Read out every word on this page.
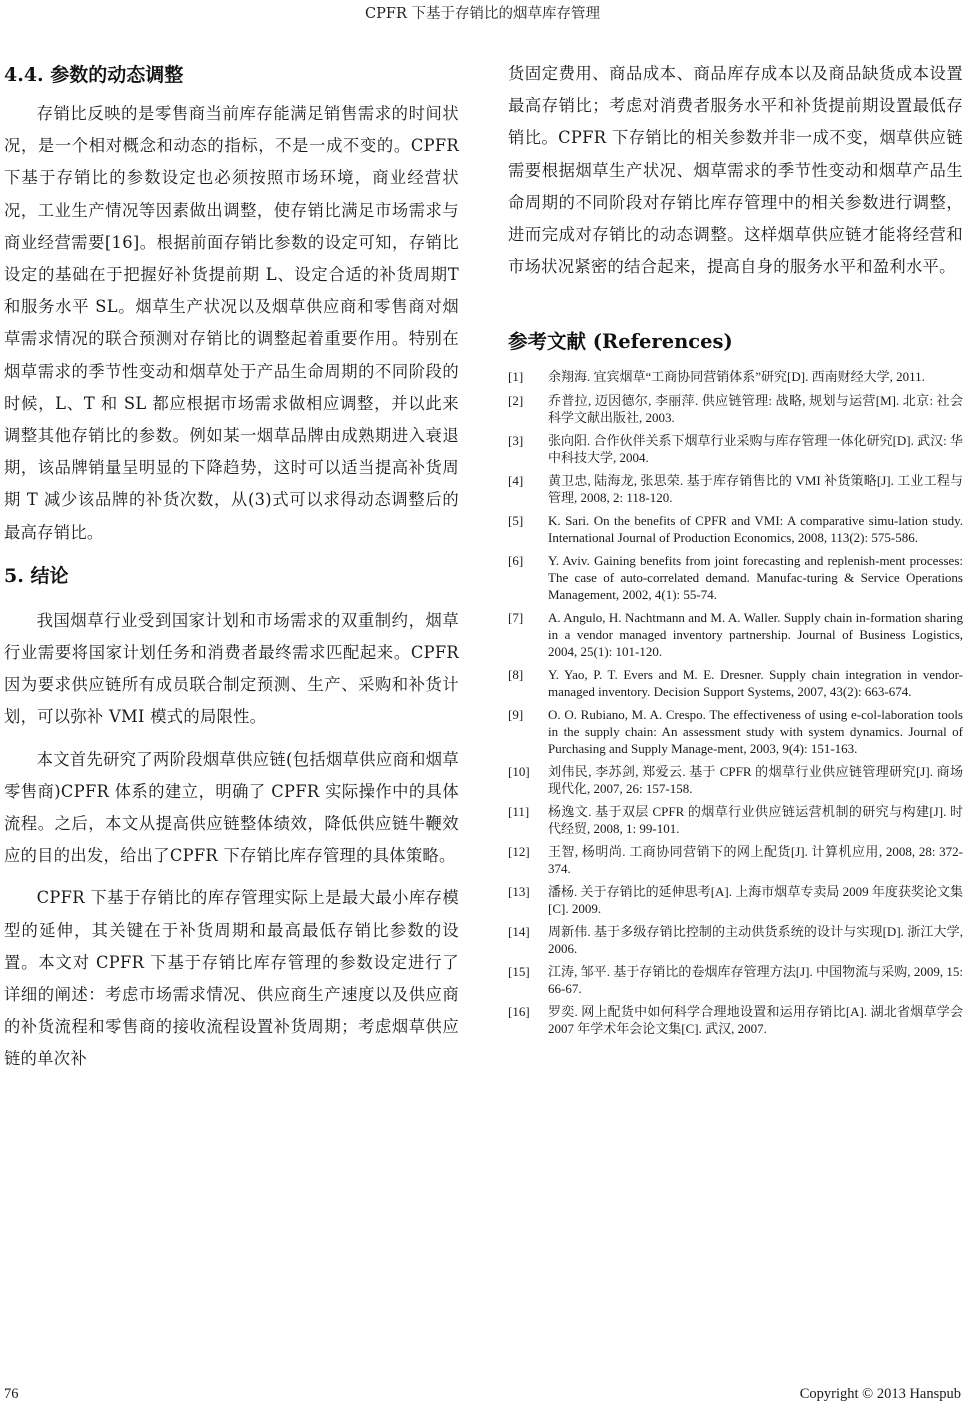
CPFR 下基于存销比的烟草库存管理
4.4. 参数的动态调整

存销比反映的是零售商当前库存能满足销售需求的时间状况，是一个相对概念和动态的指标，不是一成不变的。CPFR 下基于存销比的参数设定也必须按照市场环境，商业经营状况，工业生产情况等因素做出调整，使存销比满足市场需求与商业经营需要[16]。根据前面存销比参数的设定可知，存销比设定的基础在于把握好补货提前期 L、设定合适的补货周期T 和服务水平 SL。烟草生产状况以及烟草供应商和零售商对烟草需求情况的联合预测对存销比的调整起着重要作用。特别在烟草需求的季节性变动和烟草处于产品生命周期的不同阶段的时候，L、T 和 SL 都应根据市场需求做相应调整，并以此来调整其他存销比的参数。例如某一烟草品牌由成熟期进入衰退期，该品牌销量呈明显的下降趋势，这时可以适当提高补货周期 T 减少该品牌的补货次数，从(3)式可以求得动态调整后的最高存销比。

5. 结论

我国烟草行业受到国家计划和市场需求的双重制约，烟草行业需要将国家计划任务和消费者最终需求匹配起来。CPFR 因为要求供应链所有成员联合制定预测、生产、采购和补货计划，可以弥补 VMI 模式的局限性。

本文首先研究了两阶段烟草供应链(包括烟草供应商和烟草零售商)CPFR 体系的建立，明确了 CPFR 实际操作中的具体流程。之后，本文从提高供应链整体绩效，降低供应链牛鞭效应的目的出发，给出了CPFR 下存销比库存管理的具体策略。

CPFR 下基于存销比的库存管理实际上是最大最小库存模型的延伸，其关键在于补货周期和最高最低存销比参数的设置。本文对 CPFR 下基于存销比库存管理的参数设定进行了详细的阐述：考虑市场需求情况、供应商生产速度以及供应商的补货流程和零售商的接收流程设置补货周期；考虑烟草供应链的单次补

货固定费用、商品成本、商品库存成本以及商品缺货成本设置最高存销比；考虑对消费者服务水平和补货提前期设置最低存销比。CPFR 下存销比的相关参数并非一成不变，烟草供应链需要根据烟草生产状况、烟草需求的季节性变动和烟草产品生命周期的不同阶段对存销比库存管理中的相关参数进行调整，进而完成对存销比的动态调整。这样烟草供应链才能将经营和市场状况紧密的结合起来，提高自身的服务水平和盈利水平。

参考文献 (References)
[1] 余翔海. 宜宾烟草“工商协同营销体系”研究[D]. 西南财经大学, 2011.
[2] 乔普拉, 迈因德尔, 李丽萍. 供应链管理: 战略, 规划与运营[M]. 北京: 社会科学文献出版社, 2003.
[3] 张向阳. 合作伙伴关系下烟草行业采购与库存管理一体化研究[D]. 武汉: 华中科技大学, 2004.
[4] 黄卫忠, 陆海龙, 张思荣. 基于库存销售比的 VMI 补货策略[J]. 工业工程与管理, 2008, 2: 118-120.
[5] K. Sari. On the benefits of CPFR and VMI: A comparative simu-lation study. International Journal of Production Economics, 2008, 113(2): 575-586.
[6] Y. Aviv. Gaining benefits from joint forecasting and replenish-ment processes: The case of auto-correlated demand. Manufac-turing & Service Operations Management, 2002, 4(1): 55-74.
[7] A. Angulo, H. Nachtmann and M. A. Waller. Supply chain in-formation sharing in a vendor managed inventory partnership. Journal of Business Logistics, 2004, 25(1): 101-120.
[8] Y. Yao, P. T. Evers and M. E. Dresner. Supply chain integration in vendor-managed inventory. Decision Support Systems, 2007, 43(2): 663-674.
[9] O. O. Rubiano, M. A. Crespo. The effectiveness of using e-col-laboration tools in the supply chain: An assessment study with system dynamics. Journal of Purchasing and Supply Manage-ment, 2003, 9(4): 151-163.
[10] 刘伟民, 李苏剑, 郑爱云. 基于 CPFR 的烟草行业供应链管理研究[J]. 商场现代化, 2007, 26: 157-158.
[11] 杨逸文. 基于双层 CPFR 的烟草行业供应链运营机制的研究与构建[J]. 时代经贸, 2008, 1: 99-101.
[12] 王智, 杨明尚. 工商协同营销下的网上配货[J]. 计算机应用, 2008, 28: 372-374.
[13] 潘杨. 关于存销比的延伸思考[A]. 上海市烟草专卖局 2009 年度获奖论文集[C]. 2009.
[14] 周新伟. 基于多级存销比控制的主动供货系统的设计与实现[D]. 浙江大学, 2006.
[15] 江涛, 邹平. 基于存销比的卷烟库存管理方法[J]. 中国物流与采购, 2009, 15: 66-67.
[16] 罗奕. 网上配货中如何科学合理地设置和运用存销比[A]. 湖北省烟草学会 2007 年学术年会论文集[C]. 武汉, 2007.
76	Copyright © 2013 Hanspub
